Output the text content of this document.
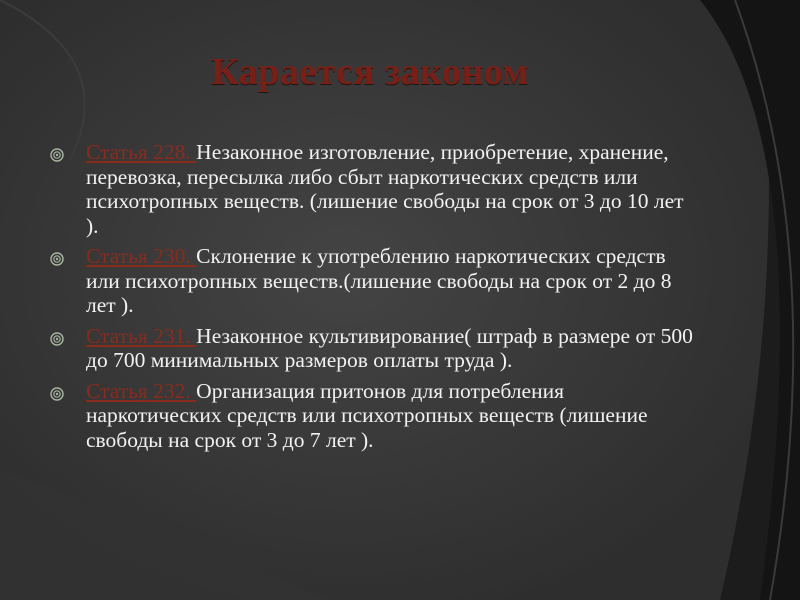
Карается законом
Статья 228. Незаконное изготовление, приобретение, хранение, перевозка, пересылка либо сбыт наркотических средств или психотропных веществ. (лишение свободы на срок от 3 до 10 лет ).
Статья 230. Склонение к употреблению наркотических средств или психотропных веществ.(лишение свободы на срок от 2 до 8 лет ).
Статья 231.Незаконное культивирование( штраф в размере от 500 до 700 минимальных размеров оплаты труда ).
Статья 232. Организация притонов для потребления      наркотических средств или психотропных веществ (лишение свободы на срок от 3 до 7 лет ).
